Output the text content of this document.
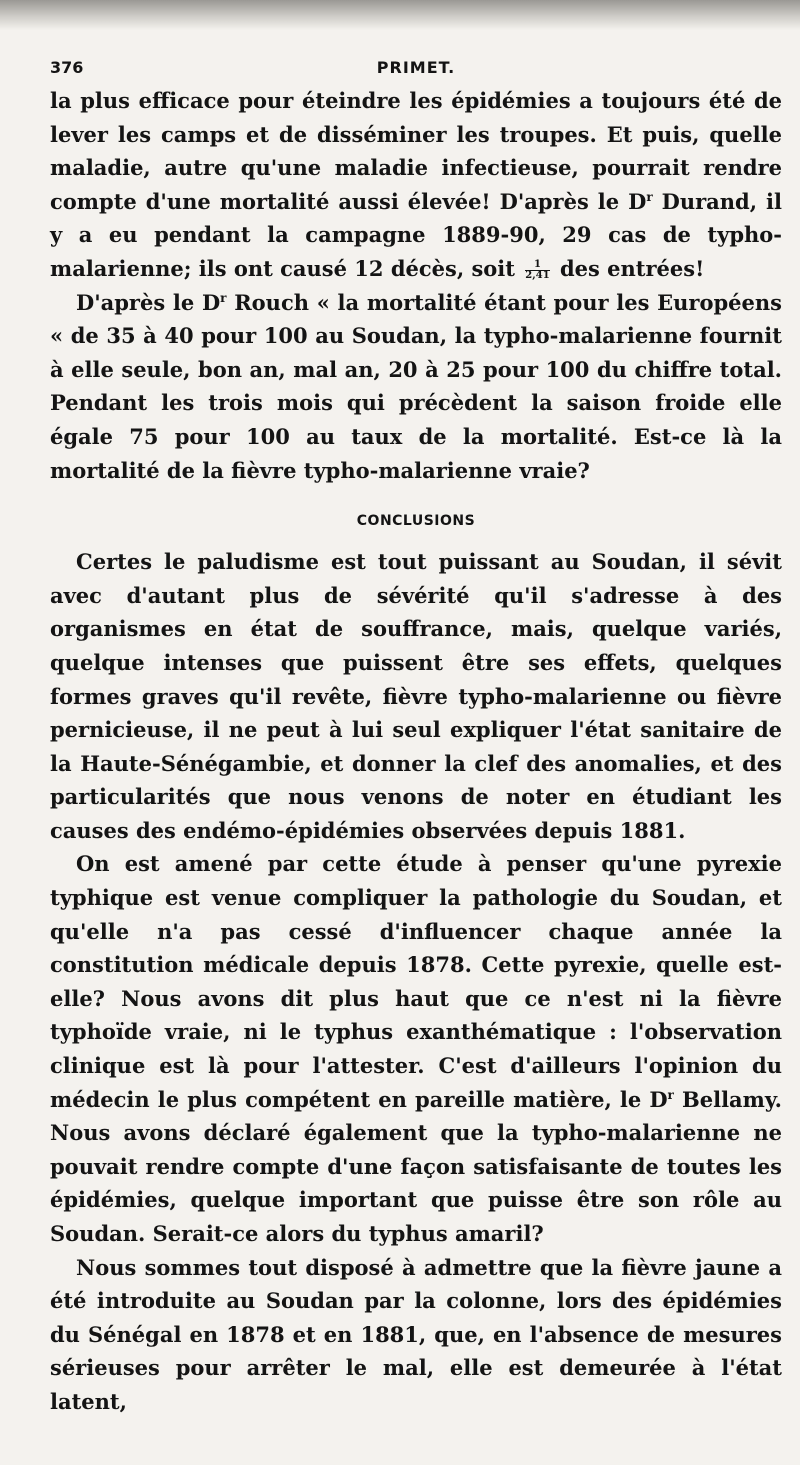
376	PRIMET.

la plus efficace pour éteindre les épidémies a toujours été de lever les camps et de disséminer les troupes. Et puis, quelle maladie, autre qu'une maladie infectieuse, pourrait rendre compte d'une mortalité aussi élevée! D'après le $D^r$ Durand, il y a eu pendant la campagne 1889-90, 29 cas de typho-malarienne; ils ont causé 12 décès, soit $\frac{1}{2,41}$ des entrées!

D'après le $D^r$ Rouch « la mortalité étant pour les Européens « de 35 à 40 pour 100 au Soudan, la typho-malarienne fournit à elle seule, bon an, mal an, 20 à 25 pour 100 du chiffre total. Pendant les trois mois qui précèdent la saison froide elle égale 75 pour 100 au taux de la mortalité. Est-ce là la mortalité de la fièvre typho-malarienne vraie?

CONCLUSIONS

Certes le paludisme est tout puissant au Soudan, il sévit avec d'autant plus de sévérité qu'il s'adresse à des organismes en état de souffrance, mais, quelque variés, quelque intenses que puissent être ses effets, quelques formes graves qu'il revête, fièvre typho-malarienne ou fièvre pernicieuse, il ne peut à lui seul expliquer l'état sanitaire de la Haute-Sénégambie, et donner la clef des anomalies, et des particularités que nous venons de noter en étudiant les causes des endémo-épidémies observées depuis 1881.

On est amené par cette étude à penser qu'une pyrexie typhique est venue compliquer la pathologie du Soudan, et qu'elle n'a pas cessé d'influencer chaque année la constitution médicale depuis 1878. Cette pyrexie, quelle est-elle? Nous avons dit plus haut que ce n'est ni la fièvre typhoïde vraie, ni le typhus exanthématique : l'observation clinique est là pour l'attester. C'est d'ailleurs l'opinion du médecin le plus compétent en pareille matière, le $D^r$ Bellamy. Nous avons déclaré également que la typho-malarienne ne pouvait rendre compte d'une façon satisfaisante de toutes les épidémies, quelque important que puisse être son rôle au Soudan. Serait-ce alors du typhus amaril?

Nous sommes tout disposé à admettre que la fièvre jaune a été introduite au Soudan par la colonne, lors des épidémies du Sénégal en 1878 et en 1881, que, en l'absence de mesures sérieuses pour arrêter le mal, elle est demeurée à l'état latent,
